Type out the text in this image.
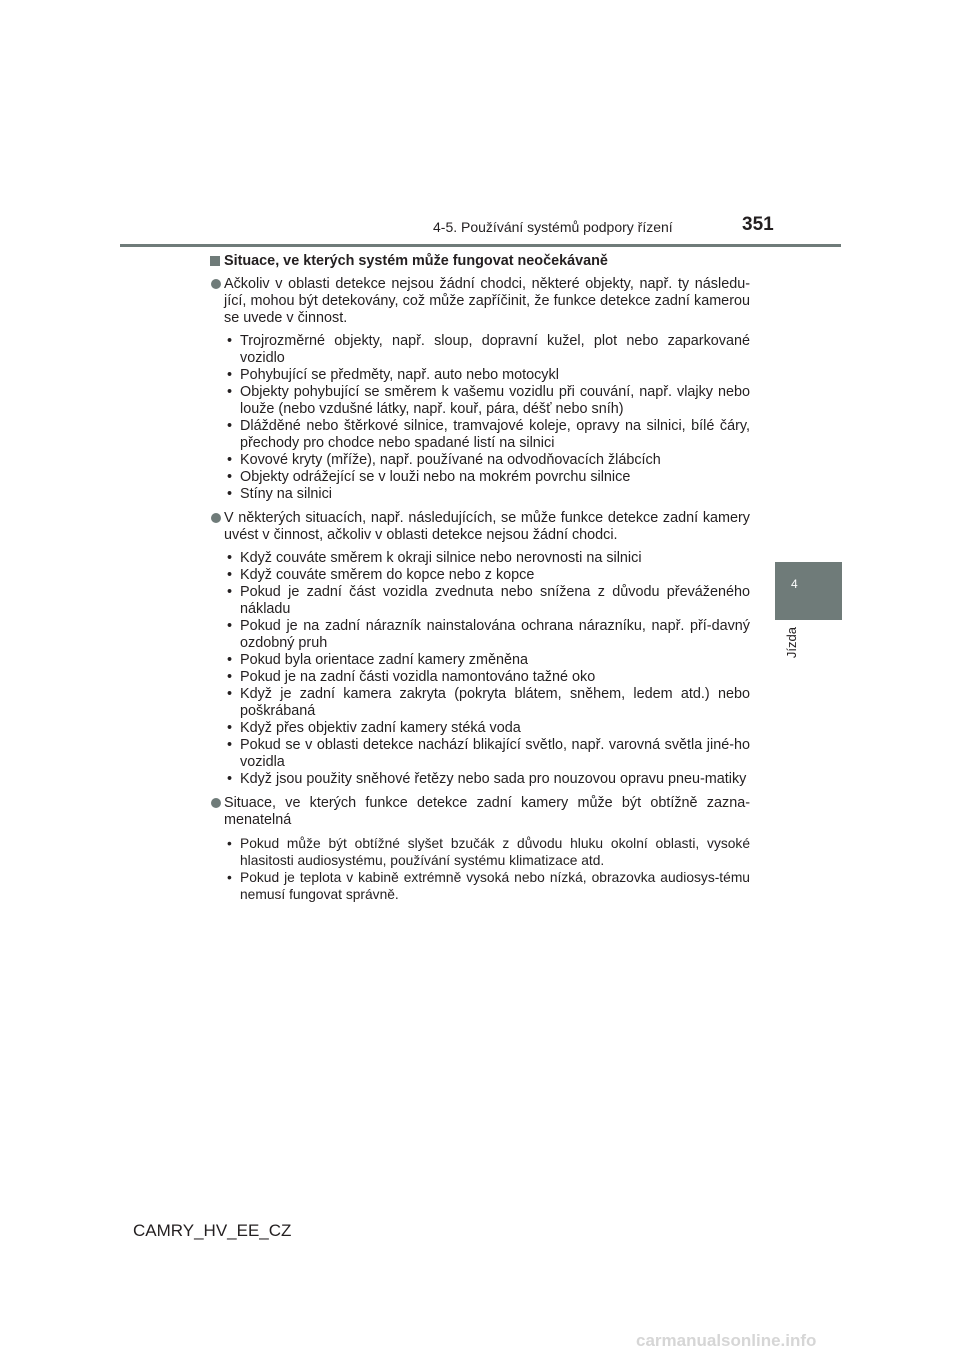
4-5. Používání systémů podpory řízení	351
4
Jízda
Situace, ve kterých systém může fungovat neočekávaně
Ačkoliv v oblasti detekce nejsou žádní chodci, některé objekty, např. ty následu-jící, mohou být detekovány, což může zapříčinit, že funkce detekce zadní kamerou se uvede v činnost.
• Trojrozměrné objekty, např. sloup, dopravní kužel, plot nebo zaparkované vozidlo
• Pohybující se předměty, např. auto nebo motocykl
• Objekty pohybující se směrem k vašemu vozidlu při couvání, např. vlajky nebo louže (nebo vzdušné látky, např. kouř, pára, déšť nebo sníh)
• Dlážděné nebo štěrkové silnice, tramvajové koleje, opravy na silnici, bílé čáry, přechody pro chodce nebo spadané listí na silnici
• Kovové kryty (mříže), např. používané na odvodňovacích žlábcích
• Objekty odrážející se v louži nebo na mokrém povrchu silnice
• Stíny na silnici
V některých situacích, např. následujících, se může funkce detekce zadní kamery uvést v činnost, ačkoliv v oblasti detekce nejsou žádní chodci.
• Když couváte směrem k okraji silnice nebo nerovnosti na silnici
• Když couváte směrem do kopce nebo z kopce
• Pokud je zadní část vozidla zvednuta nebo snížena z důvodu převáženého nákladu
• Pokud je na zadní nárazník nainstalována ochrana nárazníku, např. pří-davný ozdobný pruh
• Pokud byla orientace zadní kamery změněna
• Pokud je na zadní části vozidla namontováno tažné oko
• Když je zadní kamera zakryta (pokryta blátem, sněhem, ledem atd.) nebo poškrábaná
• Když přes objektiv zadní kamery stéká voda
• Pokud se v oblasti detekce nachází blikající světlo, např. varovná světla jiné-ho vozidla
• Když jsou použity sněhové řetězy nebo sada pro nouzovou opravu pneu-matiky
Situace, ve kterých funkce detekce zadní kamery může být obtížně zazna-menatelná
• Pokud může být obtížné slyšet bzučák z důvodu hluku okolní oblasti, vysoké hlasitosti audiosystému, používání systému klimatizace atd.
• Pokud je teplota v kabině extrémně vysoká nebo nízká, obrazovka audiosys-tému nemusí fungovat správně.
CAMRY_HV_EE_CZ
carmanualsonline.info
